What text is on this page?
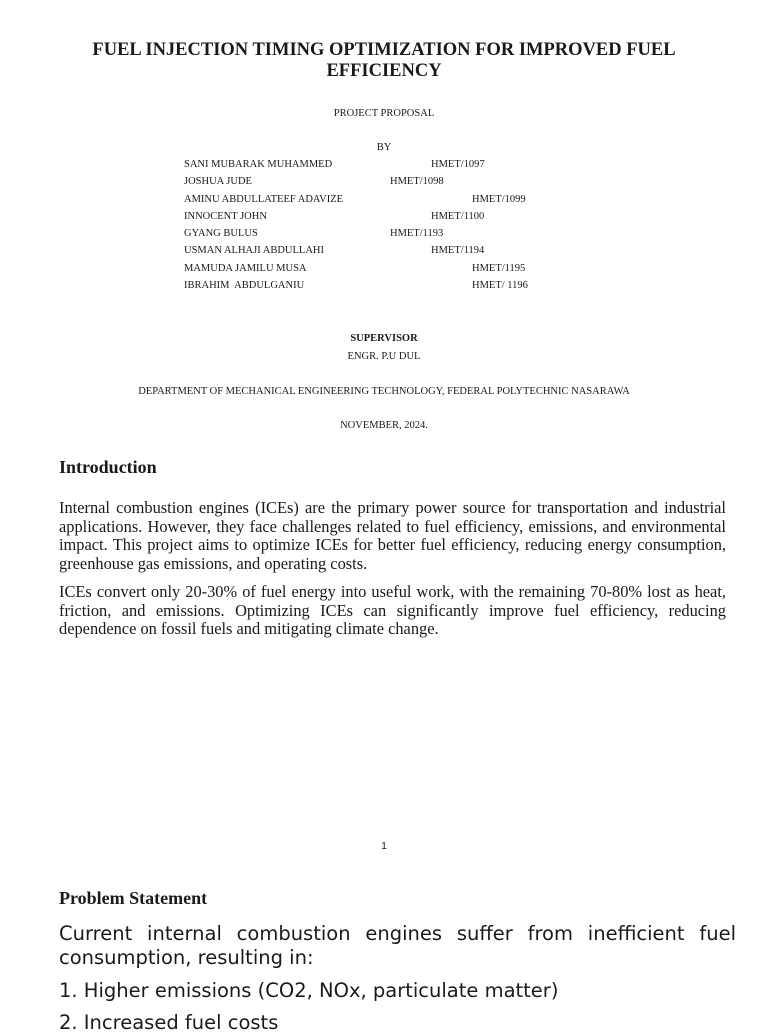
FUEL INJECTION TIMING OPTIMIZATION FOR IMPROVED FUEL EFFICIENCY
PROJECT PROPOSAL
BY
SANI MUBARAK MUHAMMED	HMET/1097
JOSHUA JUDE	HMET/1098
AMINU ABDULLATEEF ADAVIZE	HMET/1099
INNOCENT JOHN	HMET/1100
GYANG BULUS	HMET/1193
USMAN ALHAJI ABDULLAHI	HMET/1194
MAMUDA JAMILU MUSA	HMET/1195
IBRAHIM  ABDULGANIU	HMET/ 1196
SUPERVISOR
ENGR. P.U DUL
DEPARTMENT OF MECHANICAL ENGINEERING TECHNOLOGY, FEDERAL POLYTECHNIC NASARAWA
NOVEMBER, 2024.
Introduction

Internal combustion engines (ICEs) are the primary power source for transportation and industrial applications. However, they face challenges related to fuel efficiency, emissions, and environmental impact. This project aims to optimize ICEs for better fuel efficiency, reducing energy consumption, greenhouse gas emissions, and operating costs.

ICEs convert only 20-30% of fuel energy into useful work, with the remaining 70-80% lost as heat, friction, and emissions. Optimizing ICEs can significantly improve fuel efficiency, reducing dependence on fossil fuels and mitigating climate change.

1
Problem Statement

Current internal combustion engines suffer from inefficient fuel consumption, resulting in:

1. Higher emissions (CO2, NOx, particulate matter)

2. Increased fuel costs
